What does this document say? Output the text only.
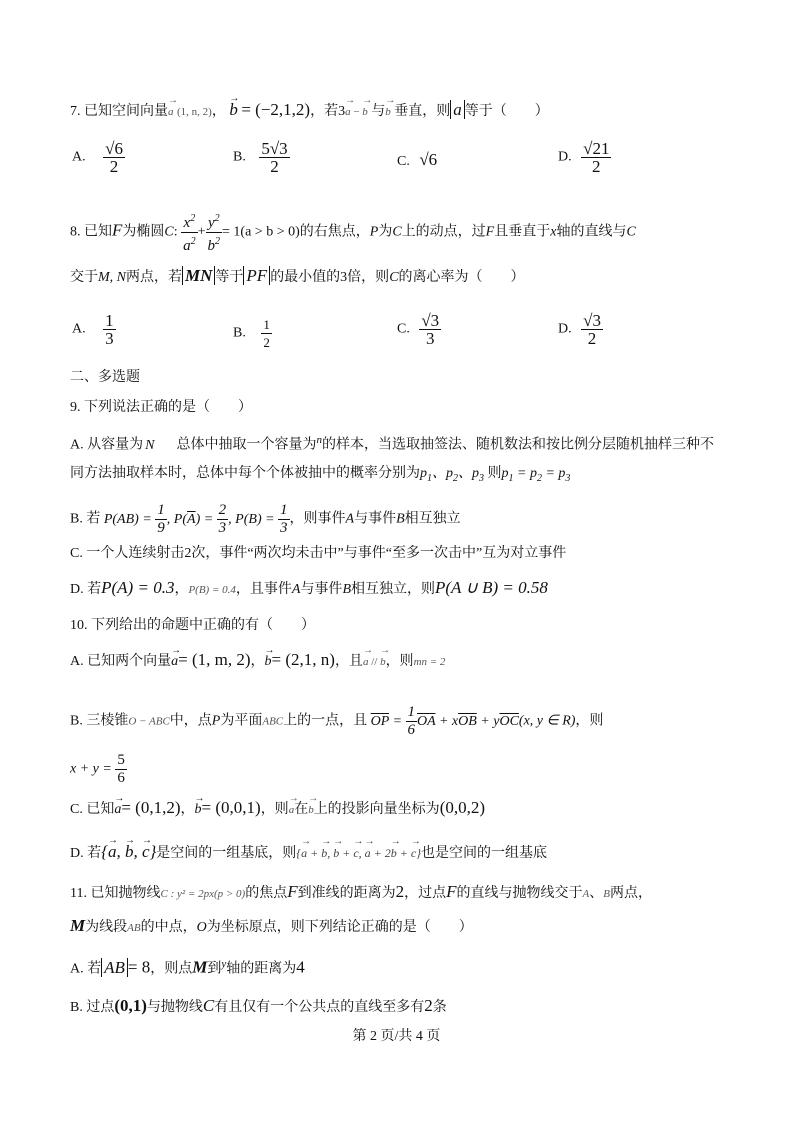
7. 已知空间向量→ a (1, n, 2)， → b = (−2,1,2)，若3→ a − → b 与→ b 垂直，则 a 等于（　　）
A. $\frac{√6}{2}$	B. $\frac{5√3}{2}$	C. √6	D. $\frac{√21}{2}$
8. 已知F为椭圆C: $\frac{x^2}{a^2} + \frac{y^2}{b^2} = 1(a > b > 0)$的右焦点，P为C上的动点，过F且垂直于x轴的直线与C
交于M, N两点，若 MN 等于 PF 的最小值的3倍，则C的离心率为（　　）
A. $\frac{1}{3}$	B. $\frac{1}{2}$	C. $\frac{√3}{3}$	D. $\frac{√3}{2}$
二、多选题
9. 下列说法正确的是（　　）
A. 从容量为 N 总体中抽取一个容量为$^n$的样本，当选取抽签法、随机数法和按比例分层随机抽样三种不
同方法抽取样本时，总体中每个个体被抽中的概率分别为$p_1$、$p_2$、$p_3$ 则$p_1 = p_2 = p_3$
B. 若 $P(AB) = \frac{1}{9}$ , $P(\overline{A}) = \frac{2}{3}$ , $P(B) = \frac{1}{3}$ ，则事件A与事件B相互独立
C. 一个人连续射击2次，事件“两次均未击中”与事件“至多一次击中”互为对立事件
D. 若P(A) = 0.3，P(B) = 0.4，且事件A与事件B相互独立，则P(A ∪ B) = 0.58
10. 下列给出的命题中正确的有（　　）
A. 已知两个向量→ a= (1, m, 2)，→ b= (2,1, n)，且→ a // → b，则mn = 2
B. 三棱锥O − ABC中，点P为平面ABC上的一点，且 $\overline{OP} = \frac{1}{6} \overline{OA} + x\overline{OB} + y\overline{OC}(x$, y ∈ R)，则
$x + y = \frac{5}{6}$
C. 已知→ a= (0,1,2)，→ b= (0,0,1)，则→ a在→ b上的投影向量坐标为(0,0,2)
D. 若{→ a, → b, → c}是空间的一组基底，则{→ a + → b, → b + → c, → a + 2→ b + → c}也是空间的一组基底
11. 已知抛物线C : y² = 2px(p > 0)的焦点F到准线的距离为2，过点F的直线与抛物线交于A、B两点，
M为线段AB的中点，O为坐标原点，则下列结论正确的是（　　）
A. 若 AB = 8，则点M到$^y$轴的距离为4
B. 过点(0,1)与抛物线C有且仅有一个公共点的直线至多有2条
第 2 页/共 4 页
